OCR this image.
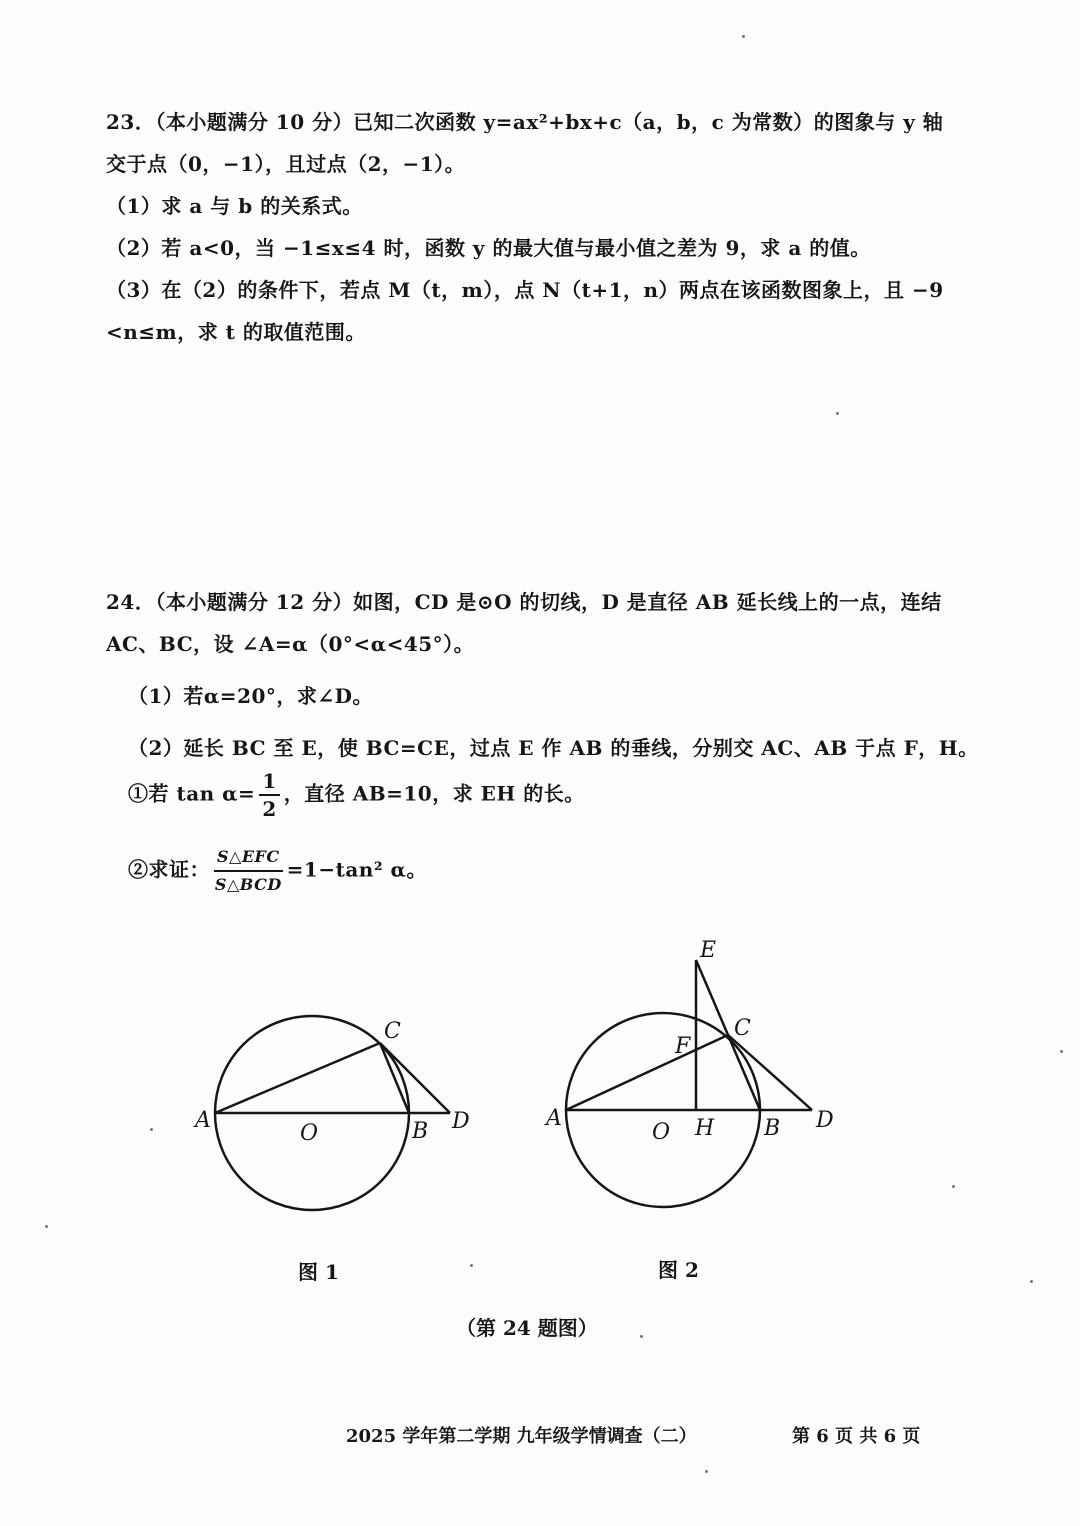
23．（本小题满分 10 分）已知二次函数 y=ax²+bx+c（a，b，c 为常数）的图象与 y 轴
交于点（0，−1），且过点（2，−1）。
（1）求 a 与 b 的关系式。
（2）若 a<0，当 −1≤x≤4 时，函数 y 的最大值与最小值之差为 9，求 a 的值。
（3）在（2）的条件下，若点 M（t，m），点 N（t+1，n）两点在该函数图象上，且 −9
<n≤m，求 t 的取值范围。
24．（本小题满分 12 分）如图，CD 是⊙O 的切线，D 是直径 AB 延长线上的一点，连结
AC、BC，设 ∠A=α（0°<α<45°）。
（1）若α=20°，求∠D。
（2）延长 BC 至 E，使 BC=CE，过点 E 作 AB 的垂线，分别交 AC、AB 于点 F，H。
①若 $\tan \alpha= \frac{1}{2}$ ，直径 AB=10，求 EH 的长。
②求证： $\frac{\text{S△EFC}}{\text{S△BCD}} =1-\tan^2$ α。
A
O	B
C
D	A
O H B
C
D
E
F
图 1	图 2
（第 24 题图）
2025 学年第二学期 九年级学情调查（二）	第 6 页 共 6 页
